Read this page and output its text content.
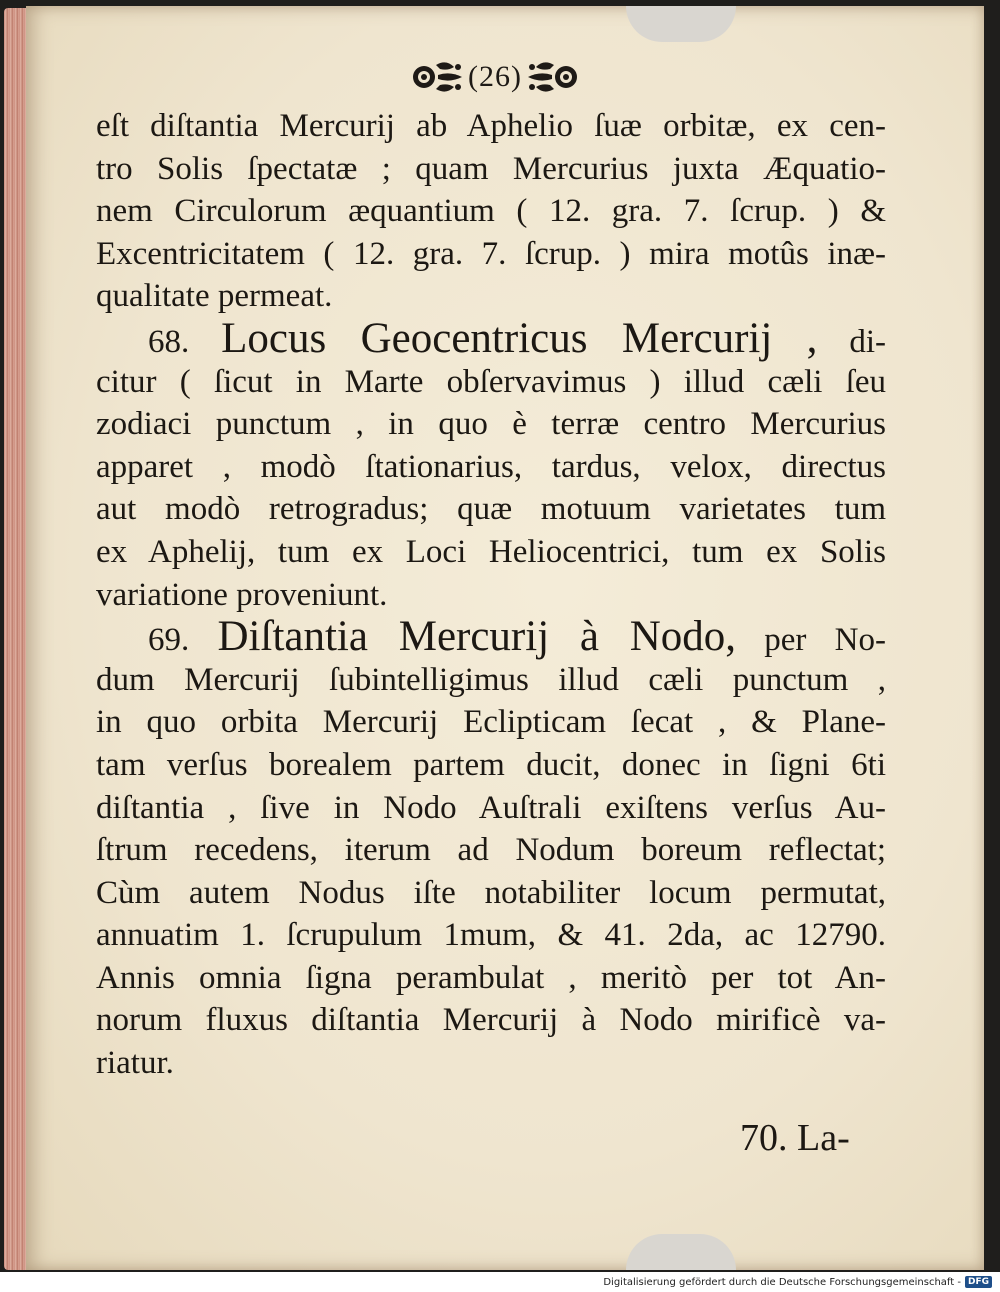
(26)
eſt diſtantia Mercurij ab Aphelio ſuæ orbitæ, ex cen-
tro Solis ſpectatæ ; quam Mercurius juxta Æquatio-
nem Circulorum æquantium ( 12. gra. 7. ſcrup. ) &
Excentricitatem ( 12. gra. 7. ſcrup. ) mira motûs inæ-
qualitate permeat.
68. Locus Geocentricus Mercurij , di-
citur ( ſicut in Marte obſervavimus ) illud cæli ſeu
zodiaci punctum , in quo è terræ centro Mercurius
apparet , modò ſtationarius, tardus, velox, directus
aut modò retrogradus; quæ motuum varietates tum
ex Aphelij, tum ex Loci Heliocentrici, tum ex Solis
variatione proveniunt.
69. Diſtantia Mercurij à Nodo, per No-
dum Mercurij ſubintelligimus illud cæli punctum ,
in quo orbita Mercurij Eclipticam ſecat , & Plane-
tam verſus borealem partem ducit, donec in ſigni 6ti
diſtantia , ſive in Nodo Auſtrali exiſtens verſus Au-
ſtrum recedens, iterum ad Nodum boreum reflectat;
Cùm autem Nodus iſte notabiliter locum permutat,
annuatim 1. ſcrupulum 1mum, & 41. 2da, ac 12790.
Annis omnia ſigna perambulat , meritò per tot An-
norum fluxus diſtantia Mercurij à Nodo mirificè va-
riatur.
70. La-
Digitalisierung gefördert durch die Deutsche Forschungsgemeinschaft - DFG
